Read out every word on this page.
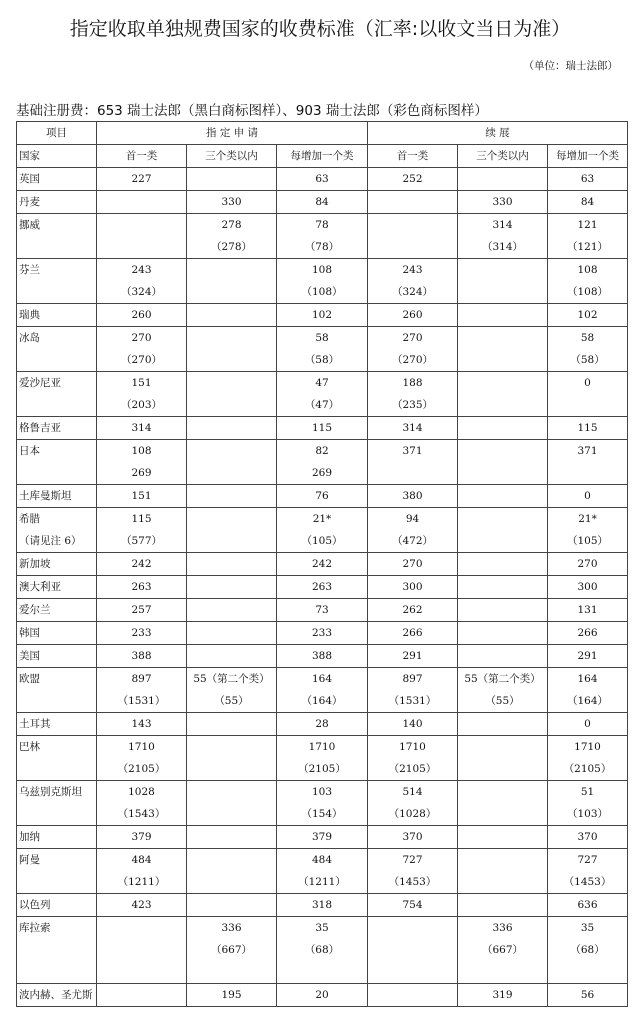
指定收取单独规费国家的收费标准（汇率:以收文当日为准）
（单位：瑞士法郎）
基础注册费：653 瑞士法郎（黑白商标图样）、903 瑞士法郎（彩色商标图样）
项目	指 定 申 请			续 展		
国家	首一类	三个类以内	每增加一个类	首一类	三个类以内	每增加一个类

英国	227		63	252		63

丹麦		330	84		330	84

挪威		278
（278）	78
（78）		314
（314）	121
（121）

芬兰	243
（324）		108
（108）	243
（324）		108
（108）

瑞典	260		102	260		102

冰岛	270
（270）		58
（58）	270
（270）		58
（58）

爱沙尼亚	151
（203）		47
（47）	188
（235）		0

格鲁吉亚	314		115	314		115

日本	108
269		82
269	371		371

土库曼斯坦	151		76	380		0

希腊
（请见注 6）	115
（577）		21*
（105）	94
（472）		21*
（105）

新加坡	242		242	270		270

澳大利亚	263		263	300		300

爱尔兰	257		73	262		131

韩国	233		233	266		266

美国	388		388	291		291

欧盟	897
（1531）	55（第二个类）
（55）	164
（164）	897
（1531）	55（第二个类）
（55）	164
（164）

土耳其	143		28	140		0

巴林	1710
（2105）		1710
（2105）	1710
（2105）		1710
（2105）

乌兹别克斯坦	1028
（1543）		103
（154）	514
（1028）		51
（103）

加纳	379		379	370		370

阿曼	484
（1211）		484
（1211）	727
（1453）		727
（1453）

以色列	423		318	754		636

库拉索		336
（667）	35
（68）		336
（667）	35
（68）

波内赫、圣尤斯		195	20		319	56
